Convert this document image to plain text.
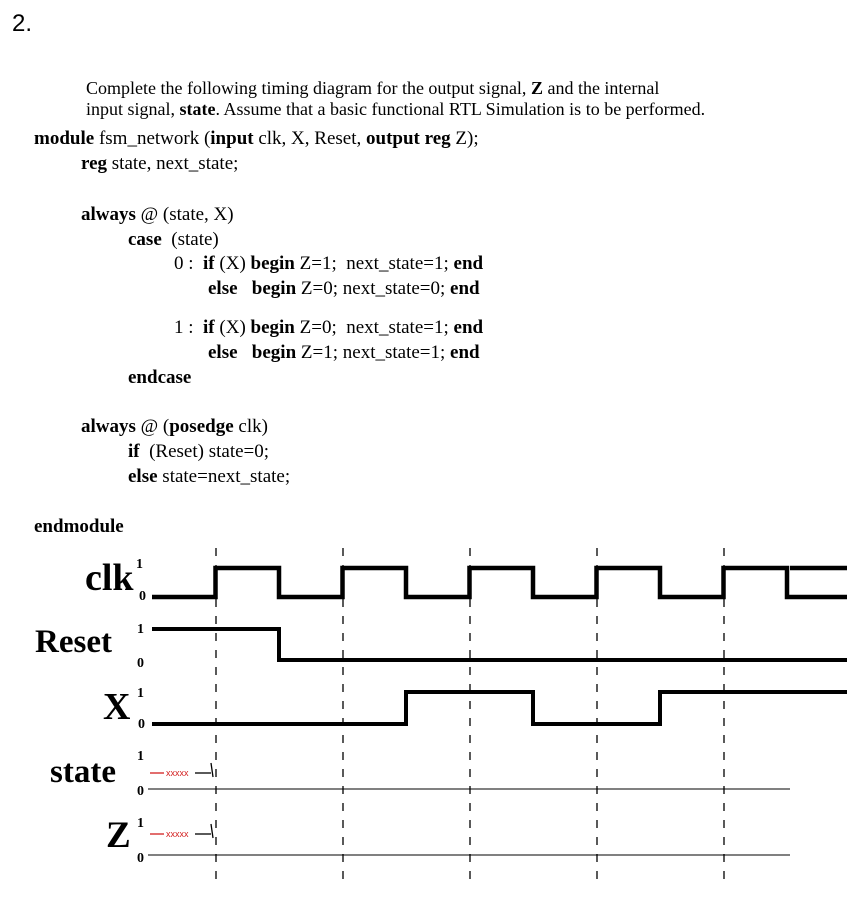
2.
Complete the following timing diagram for the output signal, Z and the internal
input signal, state. Assume that a basic functional RTL Simulation is to be performed.
module fsm_network (input clk, X, Reset, output reg Z);
reg state, next_state;
always @ (state, X)
case  (state)
0 :  if (X) begin Z=1;  next_state=1; end
else begin Z=0; next_state=0; end
1 :  if (X) begin Z=0;  next_state=1; end
else begin Z=1; next_state=1; end
endcase
always @ (posedge clk)
if  (Reset) state=0;
else state=next_state;
endmodule
xxxxx
xxxxx
clk 1
0
Reset 1
0
X 1
0
state 1
0
Z 1
0
